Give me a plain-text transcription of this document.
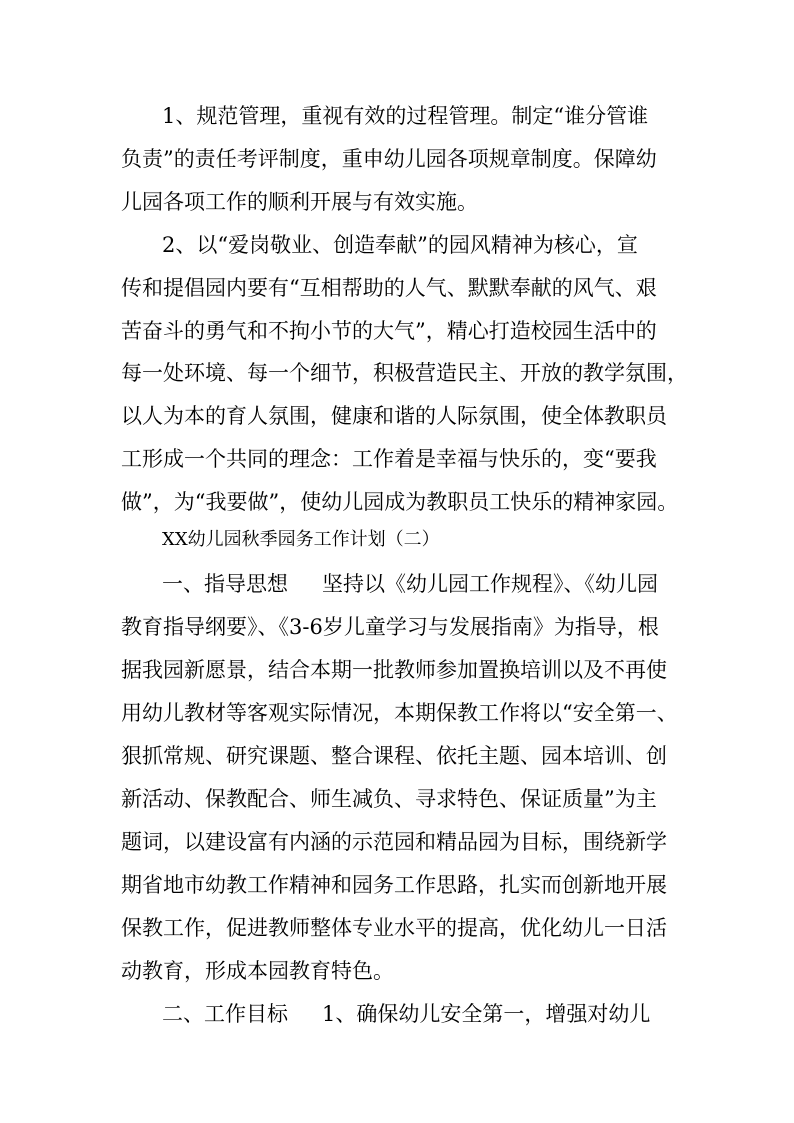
1、规范管理，重视有效的过程管理。制定“谁分管谁
负责”的责任考评制度，重申幼儿园各项规章制度。保障幼
儿园各项工作的顺利开展与有效实施。
2、以“爱岗敬业、创造奉献”的园风精神为核心，宣
传和提倡园内要有“互相帮助的人气、默默奉献的风气、艰
苦奋斗的勇气和不拘小节的大气”，精心打造校园生活中的
每一处环境、每一个细节，积极营造民主、开放的教学氛围，
以人为本的育人氛围，健康和谐的人际氛围，使全体教职员
工形成一个共同的理念：工作着是幸福与快乐的，变“要我
做”，为“我要做”，使幼儿园成为教职员工快乐的精神家园。
XX幼儿园秋季园务工作计划（二）
一、指导思想 坚持以《幼儿园工作规程》、《幼儿园
教育指导纲要》、《3-6岁儿童学习与发展指南》为指导，根
据我园新愿景，结合本期一批教师参加置换培训以及不再使
用幼儿教材等客观实际情况，本期保教工作将以“安全第一、
狠抓常规、研究课题、整合课程、依托主题、园本培训、创
新活动、保教配合、师生减负、寻求特色、保证质量”为主
题词，以建设富有内涵的示范园和精品园为目标，围绕新学
期省地市幼教工作精神和园务工作思路，扎实而创新地开展
保教工作，促进教师整体专业水平的提高，优化幼儿一日活
动教育，形成本园教育特色。
二、工作目标 1、确保幼儿安全第一，增强对幼儿
